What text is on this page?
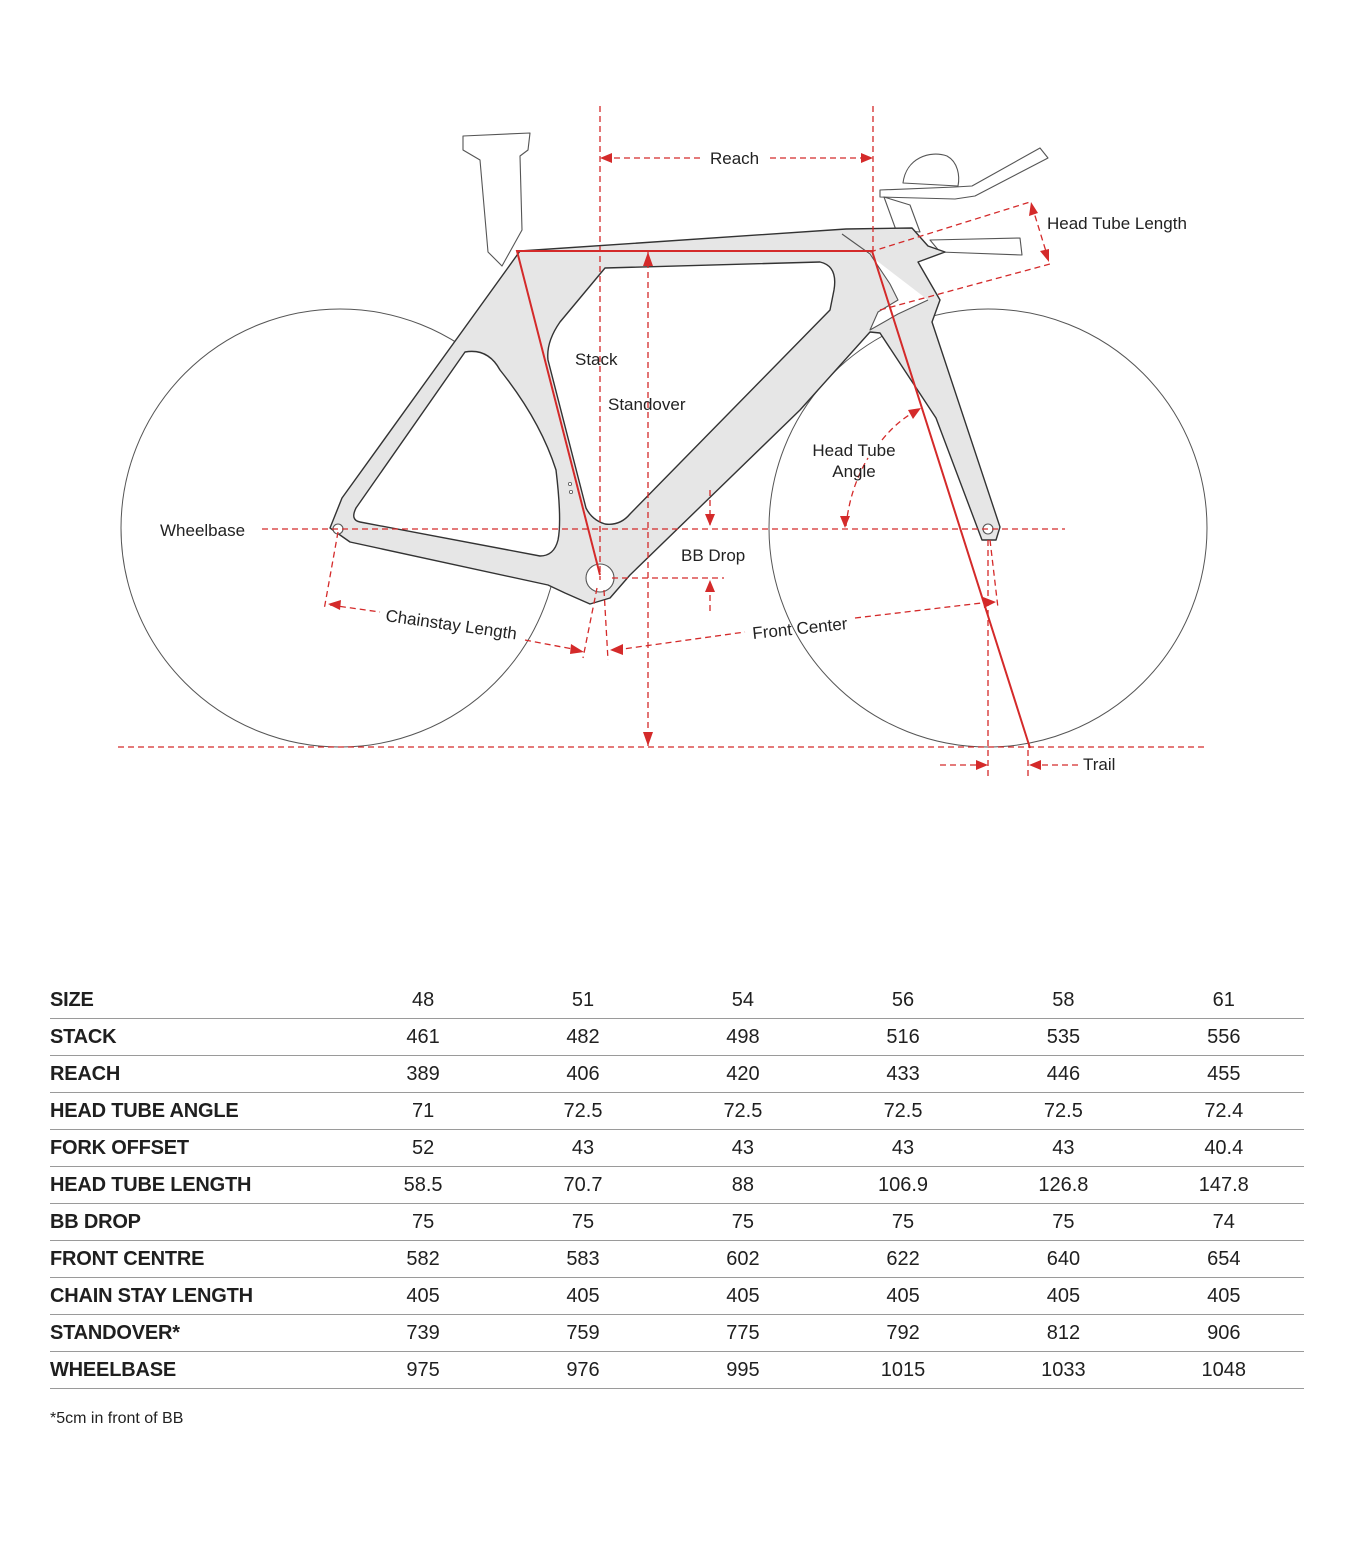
Reach
Head Tube Length
Stack
Standover
Head Tube
Angle
Wheelbase
BB Drop
Chainstay Length	Front Center
Trail
SIZE	48	51	54	56	58	61
STACK	461	482	498	516	535	556
REACH	389	406	420	433	446	455
HEAD TUBE ANGLE	71	72.5	72.5	72.5	72.5	72.4
FORK OFFSET	52	43	43	43	43	40.4
HEAD TUBE LENGTH	58.5	70.7	88	106.9	126.8	147.8
BB DROP	75	75	75	75	75	74
FRONT CENTRE	582	583	602	622	640	654
CHAIN STAY LENGTH	405	405	405	405	405	405
STANDOVER*	739	759	775	792	812	906
WHEELBASE	975	976	995	1015	1033	1048
*5cm in front of BB
